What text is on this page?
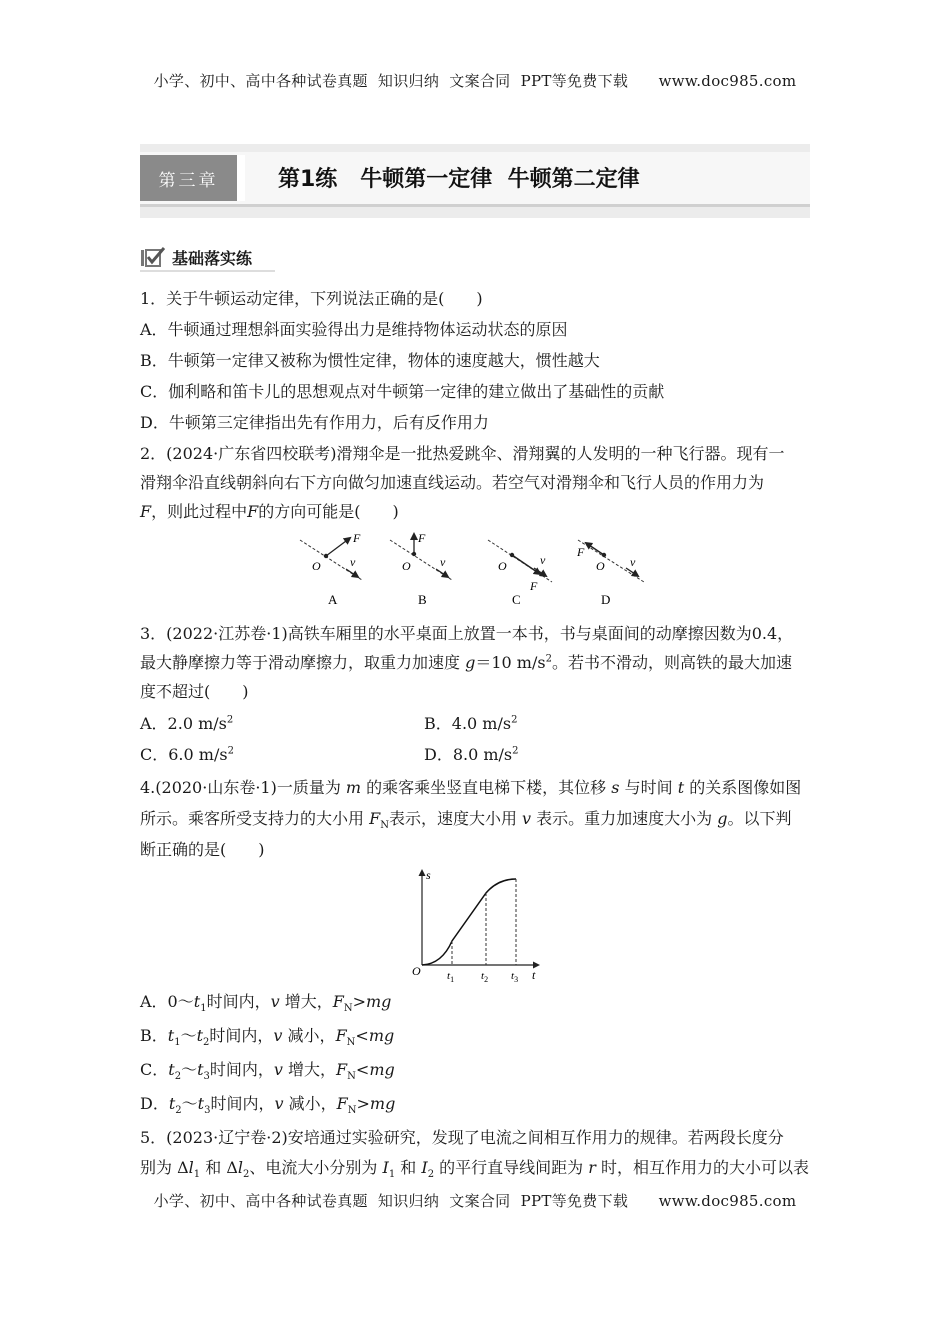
小学、初中、高中各种试卷真题  知识归纳  文案合同  PPT等免费下载      www.doc985.com
第三章	第1练   牛顿第一定律  牛顿第二定律
基础落实练
1．关于牛顿运动定律，下列说法正确的是(　　)
A．牛顿通过理想斜面实验得出力是维持物体运动状态的原因
B．牛顿第一定律又被称为惯性定律，物体的速度越大，惯性越大
C．伽利略和笛卡儿的思想观点对牛顿第一定律的建立做出了基础性的贡献
D．牛顿第三定律指出先有作用力，后有反作用力
2．(2024·广东省四校联考)滑翔伞是一批热爱跳伞、滑翔翼的人发明的一种飞行器。现有一
滑翔伞沿直线朝斜向右下方向做匀加速直线运动。若空气对滑翔伞和飞行人员的作用力为
F，则此过程中F的方向可能是(　　)
F
O v
A
F
O v
B
O	v
F
C
F
O v
D
3．(2022·江苏卷·1)高铁车厢里的水平桌面上放置一本书，书与桌面间的动摩擦因数为0.4，
最大静摩擦力等于滑动摩擦力，取重力加速度 g＝10 $m/s^2$。若书不滑动，则高铁的最大加速
度不超过(　　)
A．2.0 $m/s^2$	B．4.0 $m/s^2$
C．6.0 $m/s^2$	D．8.0 $m/s^2$
4.(2020·山东卷·1)一质量为 m 的乘客乘坐竖直电梯下楼，其位移 s 与时间 t 的关系图像如图
所示。乘客所受支持力的大小用 $F_N$表示，速度大小用 v 表示。重力加速度大小为 g。以下判
断正确的是(　　)
s
t
O $t_1$ $t_2$ $t_3$
A．$0\sim t_1$时间内，v 增大，$F_N>mg$
B．$t_1\sim t_2$时间内，v 减小，$F_N<mg$
C．$t_2\sim t_3$时间内，v 增大，$F_N<mg$
D．$t_2\sim t_3$时间内，v 减小，$F_N>mg$
5．(2023·辽宁卷·2)安培通过实验研究，发现了电流之间相互作用力的规律。若两段长度分
别为 $\Delta l_1$ 和 $\Delta l_2$、电流大小分别为 $I_1$ 和 $I_2$ 的平行直导线间距为 r 时，相互作用力的大小可以表
小学、初中、高中各种试卷真题  知识归纳  文案合同  PPT等免费下载      www.doc985.com
